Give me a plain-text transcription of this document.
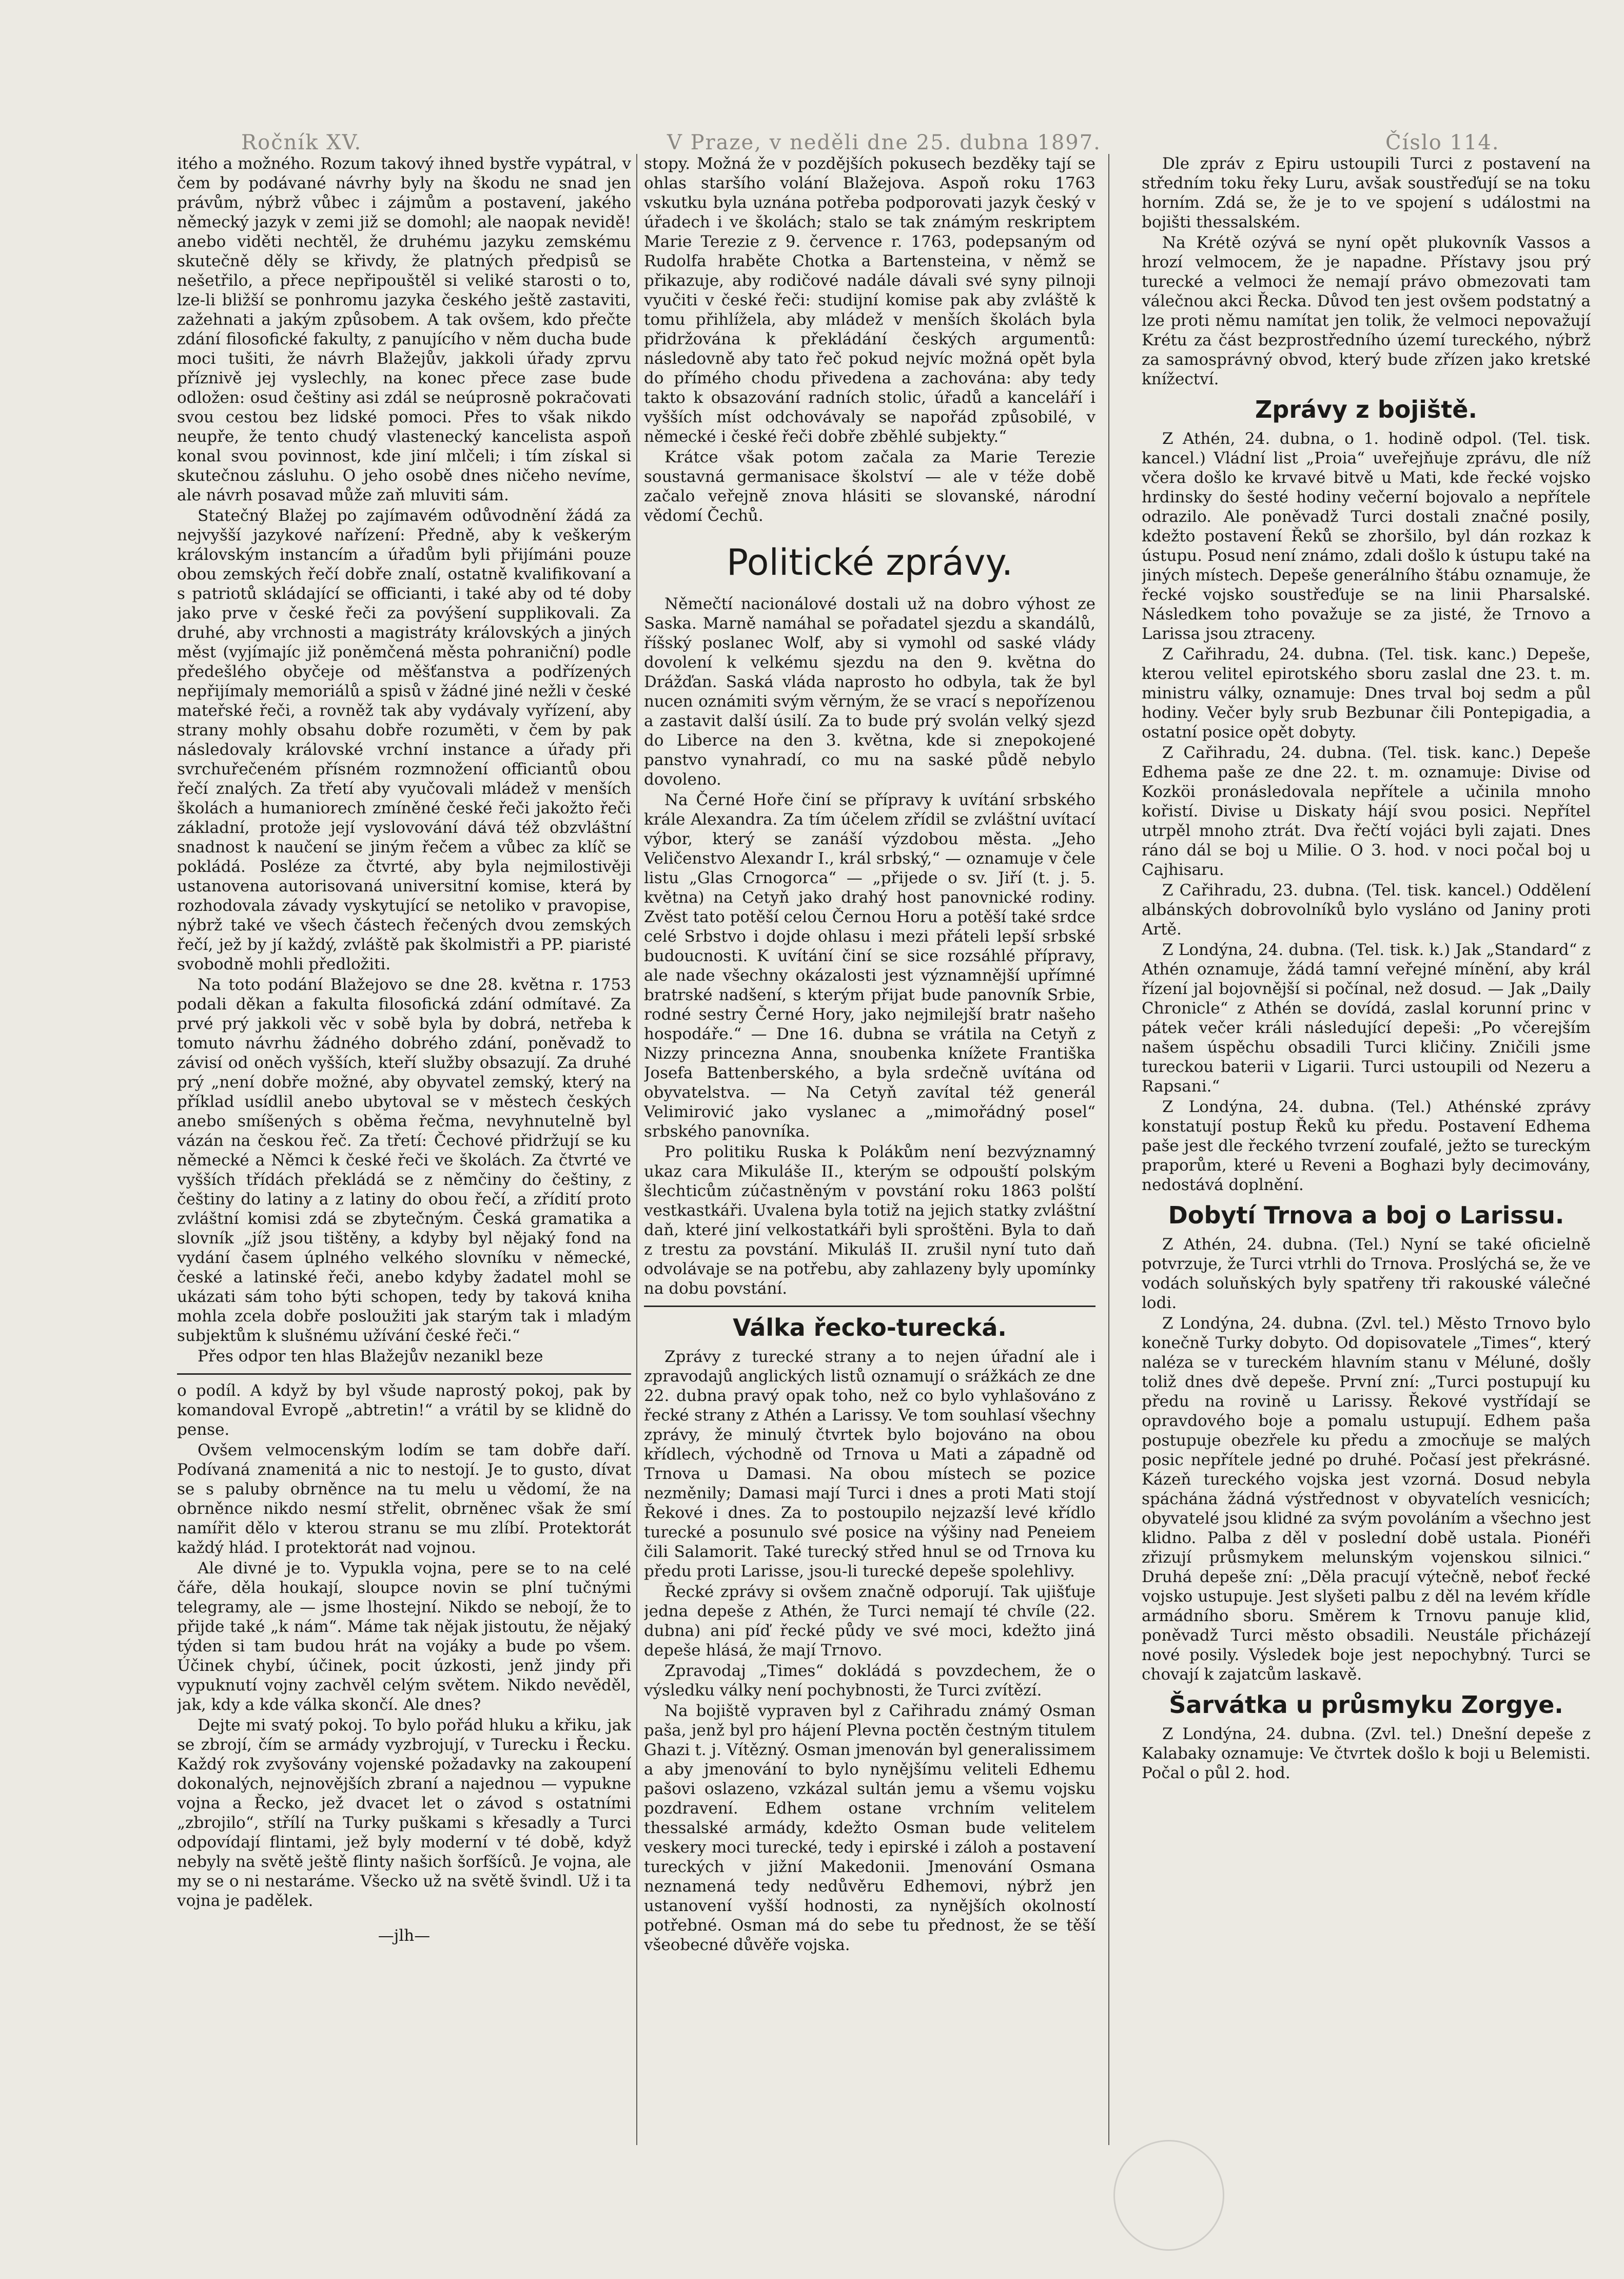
Ročník XV.	V Praze, v neděli dne 25. dubna 1897.	Číslo 114.

itého a možného. Rozum takový ihned bystře vypátral, v čem by podávané návrhy byly na škodu ne snad jen právům, nýbrž vůbec i zájmům a postavení, jakého německý jazyk v zemi již se domohl; ale naopak nevidě! anebo viděti nechtěl, že druhému jazyku zemskému skutečně děly se křivdy, že platných předpisů se nešetřilo, a přece nepřipouštěl si veliké starosti o to, lze-li bližší se ponhromu jazyka českého ještě zastaviti, zažehnati a jakým způsobem. A tak ovšem, kdo přečte zdání filosofické fakulty, z panujícího v něm ducha bude moci tušiti, že návrh Blažejův, jakkoli úřady zprvu příznivě jej vyslechly, na konec přece zase bude odložen: osud češtiny asi zdál se neúprosně pokračovati svou cestou bez lidské pomoci. Přes to však nikdo neupře, že tento chudý vlastenecký kancelista aspoň konal svou povinnost, kde jiní mlčeli; i tím získal si skutečnou zásluhu. O jeho osobě dnes ničeho nevíme, ale návrh posavad může zaň mluviti sám.

Statečný Blažej po zajímavém odůvodnění žádá za nejvyšší jazykové nařízení: Předně, aby k veškerým královským instancím a úřadům byli přijímáni pouze obou zemských řečí dobře znalí, ostatně kvalifikovaní a s patriotů skládající se officianti, i také aby od té doby jako prve v české řeči za povýšení supplikovali. Za druhé, aby vrchnosti a magistráty královských a jiných měst (vyjímajíc již poněmčená města pohraniční) podle předešlého obyčeje od měšťanstva a podřízených nepřijímaly memoriálů a spisů v žádné jiné nežli v české mateřské řeči, a rovněž tak aby vydávaly vyřízení, aby strany mohly obsahu dobře rozuměti, v čem by pak následovaly královské vrchní instance a úřady při svrchuřečeném přísném rozmnožení officiantů obou řečí znalých. Za třetí aby vyučovali mládež v menších školách a humaniorech zmíněné české řeči jakožto řeči základní, protože její vyslovování dává též obzvláštní snadnost k naučení se jiným řečem a vůbec za klíč se pokládá. Posléze za čtvrté, aby byla nejmilostivěji ustanovena autorisovaná universitní komise, která by rozhodovala závady vyskytující se netoliko v pravopise, nýbrž také ve všech částech řečených dvou zemských řečí, jež by jí každý, zvláště pak školmistři a PP. piaristé svobodně mohli předložiti.

Na toto podání Blažejovo se dne 28. května r. 1753 podali děkan a fakulta filosofická zdání odmítavé. Za prvé prý jakkoli věc v sobě byla by dobrá, netřeba k tomuto návrhu žádného dobrého zdání, poněvadž to závisí od oněch vyšších, kteří služby obsazují. Za druhé prý „není dobře možné, aby obyvatel zemský, který na příklad usídlil anebo ubytoval se v městech českých anebo smíšených s oběma řečma, nevyhnutelně byl vázán na českou řeč. Za třetí: Čechové přidržují se ku německé a Němci k české řeči ve školách. Za čtvrté ve vyšších třídách překládá se z němčiny do češtiny, z češtiny do latiny a z latiny do obou řečí, a zřídití proto zvláštní komisi zdá se zbytečným. Česká gramatika a slovník „jíž jsou tištěny, a kdyby byl nějaký fond na vydání časem úplného velkého slovníku v německé, české a latinské řeči, anebo kdyby žadatel mohl se ukázati sám toho býti schopen, tedy by taková kniha mohla zcela dobře posloužiti jak starým tak i mladým subjektům k slušnému užívání české řeči.“

Přes odpor ten hlas Blažejův nezanikl beze

o podíl. A když by byl všude naprostý pokoj, pak by komandoval Evropě „abtretin!“ a vrátil by se klidně do pense.

Ovšem velmocenským lodím se tam dobře daří. Podívaná znamenitá a nic to nestojí. Je to gusto, dívat se s paluby obrněnce na tu melu u vědomí, že na obrněnce nikdo nesmí střelit, obrněnec však že smí namířit dělo v kterou stranu se mu zlíbí. Protektorát každý hlád. I protektorát nad vojnou.

Ale divné je to. Vypukla vojna, pere se to na celé čáře, děla houkají, sloupce novin se plní tučnými telegramy, ale — jsme lhostejní. Nikdo se nebojí, že to přijde také „k nám“. Máme tak nějak jistoutu, že nějaký týden si tam budou hrát na vojáky a bude po všem. Účinek chybí, účinek, pocit úzkosti, jenž jindy při vypuknutí vojny zachvěl celým světem. Nikdo nevěděl, jak, kdy a kde válka skončí. Ale dnes?

Dejte mi svatý pokoj. To bylo pořád hluku a křiku, jak se zbrojí, čím se armády vyzbrojují, v Turecku i Řecku. Každý rok zvyšovány vojenské požadavky na zakoupení dokonalých, nejnovějších zbraní a najednou — vypukne vojna a Řecko, jež dvacet let o závod s ostatními „zbrojilo“, střílí na Turky puškami s křesadly a Turci odpovídají flintami, jež byly moderní v té době, když nebyly na světě ještě flinty našich šorfšíců. Je vojna, ale my se o ni nestaráme. Všecko už na světě švindl. Už i ta vojna je padělek.

—jlh—

stopy. Možná že v pozdějších pokusech bezděky tají se ohlas staršího volání Blažejova. Aspoň roku 1763 vskutku byla uznána potřeba podporovati jazyk český v úřadech i ve školách; stalo se tak známým reskriptem Marie Terezie z 9. července r. 1763, podepsaným od Rudolfa hraběte Chotka a Bartensteina, v němž se přikazuje, aby rodičové nadále dávali své syny pilnoji vyučiti v české řeči: studijní komise pak aby zvláště k tomu přihlížela, aby mládež v menších školách byla přidržována k překládání českých argumentů: následovně aby tato řeč pokud nejvíc možná opět byla do přímého chodu přivedena a zachována: aby tedy takto k obsazování radních stolic, úřadů a kanceláří i vyšších míst odchovávaly se napořád způsobilé, v německé i české řeči dobře zběhlé subjekty.“

Krátce však potom začala za Marie Terezie soustavná germanisace školství — ale v téže době začalo veřejně znova hlásiti se slovanské, národní vědomí Čechů.

Politické zprávy.

Němečtí nacionálové dostali už na dobro výhost ze Saska. Marně namáhal se pořadatel sjezdu a skandálů, říšský poslanec Wolf, aby si vymohl od saské vlády dovolení k velkému sjezdu na den 9. května do Drážďan. Saská vláda naprosto ho odbyla, tak že byl nucen oznámiti svým věrným, že se vrací s nepořízenou a zastavit další úsilí. Za to bude prý svolán velký sjezd do Liberce na den 3. května, kde si znepokojené panstvo vynahradí, co mu na saské půdě nebylo dovoleno.

Na Černé Hoře činí se přípravy k uvítání srbského krále Alexandra. Za tím účelem zřídil se zvláštní uvítací výbor, který se zanáší výzdobou města. „Jeho Veličenstvo Alexandr I., král srbský,“ — oznamuje v čele listu „Glas Crnogorca“ — „přijede o sv. Jiří (t. j. 5. května) na Cetyň jako drahý host panovnické rodiny. Zvěst tato potěší celou Černou Horu a potěší také srdce celé Srbstvo i dojde ohlasu i mezi přáteli lepší srbské budoucnosti. K uvítání činí se sice rozsáhlé přípravy, ale nade všechny okázalosti jest významnější upřímné bratrské nadšení, s kterým přijat bude panovník Srbie, rodné sestry Černé Hory, jako nejmilejší bratr našeho hospodáře.“ — Dne 16. dubna se vrátila na Cetyň z Nizzy princezna Anna, snoubenka knížete Františka Josefa Battenberského, a byla srdečně uvítána od obyvatelstva. — Na Cetyň zavítal též generál Velimirović jako vyslanec a „mimořádný posel“ srbského panovníka.

Pro politiku Ruska k Polákům není bezvýznamný ukaz cara Mikuláše II., kterým se odpouští polským šlechticům zúčastněným v povstání roku 1863 polští vestkastkáři. Uvalena byla totiž na jejich statky zvláštní daň, které jiní velkostatkáři byli sproštěni. Byla to daň z trestu za povstání. Mikuláš II. zrušil nyní tuto daň odvolávaje se na potřebu, aby zahlazeny byly upomínky na dobu povstání.

Válka řecko-turecká.

Zprávy z turecké strany a to nejen úřadní ale i zpravodajů anglických listů oznamují o srážkách ze dne 22. dubna pravý opak toho, než co bylo vyhlašováno z řecké strany z Athén a Larissy. Ve tom souhlasí všechny zprávy, že minulý čtvrtek bylo bojováno na obou křídlech, východně od Trnova u Mati a západně od Trnova u Damasi. Na obou místech se pozice nezměnily; Damasi mají Turci i dnes a proti Mati stojí Řekové i dnes. Za to postoupilo nejzazší levé křídlo turecké a posunulo své posice na výšiny nad Peneiem čili Salamorit. Také turecký střed hnul se od Trnova ku předu proti Larisse, jsou-li turecké depeše spolehlivy.

Řecké zprávy si ovšem značně odporují. Tak ujišťuje jedna depeše z Athén, že Turci nemají té chvíle (22. dubna) ani píď řecké půdy ve své moci, kdežto jiná depeše hlásá, že mají Trnovo.

Zpravodaj „Times“ dokládá s povzdechem, že o výsledku války není pochybnosti, že Turci zvítězí.

Na bojiště vypraven byl z Cařihradu známý Osman paša, jenž byl pro hájení Plevna poctěn čestným titulem Ghazi t. j. Vítězný. Osman jmenován byl generalissimem a aby jmenování to bylo nynějšímu veliteli Edhemu pašovi oslazeno, vzkázal sultán jemu a všemu vojsku pozdravení. Edhem ostane vrchním velitelem thessalské armády, kdežto Osman bude velitelem veskery moci turecké, tedy i epirské i záloh a postavení tureckých v jižní Makedonii. Jmenování Osmana neznamená tedy nedůvěru Edhemovi, nýbrž jen ustanovení vyšší hodnosti, za nynějších okolností potřebné. Osman má do sebe tu přednost, že se těší všeobecné důvěře vojska.

Dle zpráv z Epiru ustoupili Turci z postavení na středním toku řeky Luru, avšak soustřeďují se na toku horním. Zdá se, že je to ve spojení s událostmi na bojišti thessalském.

Na Krétě ozývá se nyní opět plukovník Vassos a hrozí velmocem, že je napadne. Přístavy jsou prý turecké a velmoci že nemají právo obmezovati tam válečnou akci Řecka. Důvod ten jest ovšem podstatný a lze proti němu namítat jen tolik, že velmoci nepovažují Krétu za část bezprostředního území tureckého, nýbrž za samosprávný obvod, který bude zřízen jako kretské knížectví.

Zprávy z bojiště.

Z Athén, 24. dubna, o 1. hodině odpol. (Tel. tisk. kancel.) Vládní list „Proia“ uveřejňuje zprávu, dle níž včera došlo ke krvavé bitvě u Mati, kde řecké vojsko hrdinsky do šesté hodiny večerní bojovalo a nepřítele odrazilo. Ale poněvadž Turci dostali značné posily, kdežto postavení Řeků se zhoršilo, byl dán rozkaz k ústupu. Posud není známo, zdali došlo k ústupu také na jiných místech. Depeše generálního štábu oznamuje, že řecké vojsko soustřeďuje se na linii Pharsalské. Následkem toho považuje se za jisté, že Trnovo a Larissa jsou ztraceny.

Z Cařihradu, 24. dubna. (Tel. tisk. kanc.) Depeše, kterou velitel epirotského sboru zaslal dne 23. t. m. ministru války, oznamuje: Dnes trval boj sedm a půl hodiny. Večer byly srub Bezbunar čili Pontepigadia, a ostatní posice opět dobyty.

Z Cařihradu, 24. dubna. (Tel. tisk. kanc.) Depeše Edhema paše ze dne 22. t. m. oznamuje: Divise od Kozköi pronásledovala nepřítele a učinila mnoho kořistí. Divise u Diskaty hájí svou posici. Nepřítel utrpěl mnoho ztrát. Dva řečtí vojáci byli zajati. Dnes ráno dál se boj u Milie. O 3. hod. v noci počal boj u Cajhisaru.

Z Cařihradu, 23. dubna. (Tel. tisk. kancel.) Oddělení albánských dobrovolníků bylo vysláno od Janiny proti Artě.

Z Londýna, 24. dubna. (Tel. tisk. k.) Jak „Standard“ z Athén oznamuje, žádá tamní veřejné mínění, aby král řízení jal bojovnější si počínal, než dosud. — Jak „Daily Chronicle“ z Athén se dovídá, zaslal korunní princ v pátek večer králi následující depeši: „Po včerejším našem úspěchu obsadili Turci kličiny. Zničili jsme tureckou baterii v Ligarii. Turci ustoupili od Nezeru a Rapsani.“

Z Londýna, 24. dubna. (Tel.) Athénské zprávy konstatují postup Řeků ku předu. Postavení Edhema paše jest dle řeckého tvrzení zoufalé, ježto se tureckým praporům, které u Reveni a Boghazi byly decimovány, nedostává doplnění.

Dobytí Trnova a boj o Larissu.

Z Athén, 24. dubna. (Tel.) Nyní se také oficielně potvrzuje, že Turci vtrhli do Trnova. Proslýchá se, že ve vodách soluňských byly spatřeny tři rakouské válečné lodi.

Z Londýna, 24. dubna. (Zvl. tel.) Město Trnovo bylo konečně Turky dobyto. Od dopisovatele „Times“, který naléza se v tureckém hlavním stanu v Méluné, došly toliž dnes dvě depeše. První zní: „Turci postupují ku předu na rovině u Larissy. Řekové vystřídají se opravdového boje a pomalu ustupují. Edhem paša postupuje obezřele ku předu a zmocňuje se malých posic nepřítele jedné po druhé. Počasí jest překrásné. Kázeň tureckého vojska jest vzorná. Dosud nebyla spáchána žádná výstřednost v obyvatelích vesnicích; obyvatelé jsou klidné za svým povoláním a všechno jest klidno. Palba z děl v poslední době ustala. Pionéři zřizují průsmykem melunským vojenskou silnici.“ Druhá depeše zní: „Děla pracují výtečně, neboť řecké vojsko ustupuje. Jest slyšeti palbu z děl na levém křídle armádního sboru. Směrem k Trnovu panuje klid, poněvadž Turci město obsadili. Neustále přicházejí nové posily. Výsledek boje jest nepochybný. Turci se chovají k zajatcům laskavě.

Šarvátka u průsmyku Zorgye.

Z Londýna, 24. dubna. (Zvl. tel.) Dnešní depeše z Kalabaky oznamuje: Ve čtvrtek došlo k boji u Belemisti. Počal o půl 2. hod.
